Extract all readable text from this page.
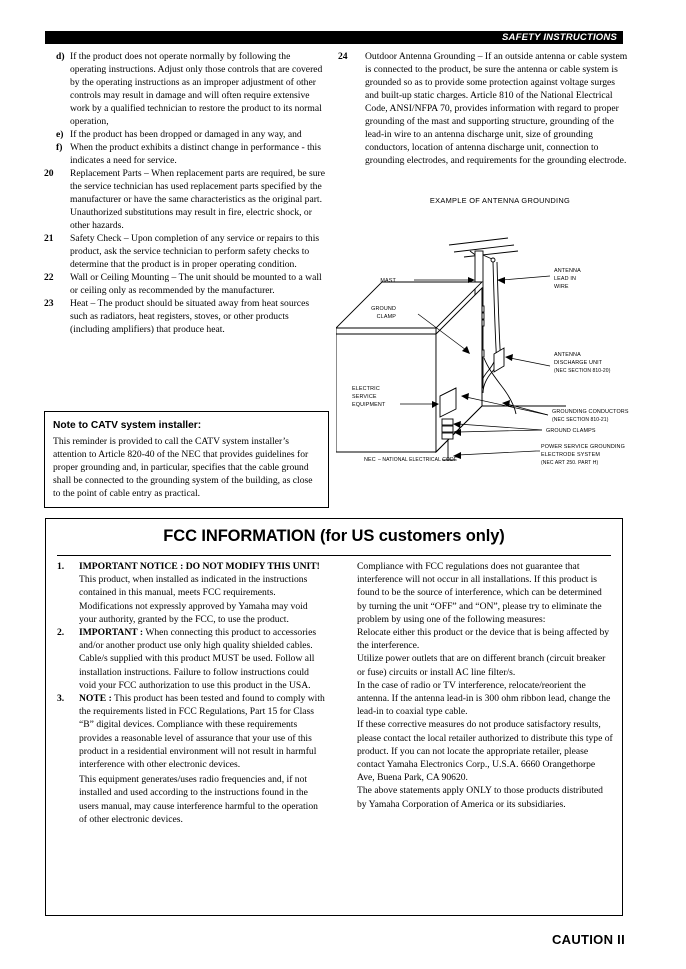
SAFETY INSTRUCTIONS
d) If the product does not operate normally by following the operating instructions. Adjust only those controls that are covered by the operating instructions as an improper adjustment of other controls may result in damage and will often require extensive work by a qualified technician to restore the product to its normal operation,
e) If the product has been dropped or damaged in any way, and
f) When the product exhibits a distinct change in performance - this indicates a need for service.
20	Replacement Parts – When replacement parts are required, be sure the service technician has used replacement parts specified by the manufacturer or have the same characteristics as the original part. Unauthorized substitutions may result in fire, electric shock, or other hazards.
21	Safety Check – Upon completion of any service or repairs to this product, ask the service technician to perform safety checks to determine that the product is in proper operating condition.
22	Wall or Ceiling Mounting – The unit should be mounted to a wall or ceiling only as recommended by the manufacturer.
23	Heat – The product should be situated away from heat sources such as radiators, heat registers, stoves, or other products (including amplifiers) that produce heat.
24	Outdoor Antenna Grounding – If an outside antenna or cable system is connected to the product, be sure the antenna or cable system is grounded so as to provide some protection against voltage surges and built-up static charges. Article 810 of the National Electrical Code, ANSI/NFPA 70, provides information with regard to proper grounding of the mast and supporting structure, grounding of the lead-in wire to an antenna discharge unit, size of grounding conductors, location of antenna discharge unit, connection to grounding electrodes, and requirements for the grounding electrode.
Note to CATV system installer:
This reminder is provided to call the CATV system installer’s attention to Article 820-40 of the NEC that provides guidelines for proper grounding and, in particular, specifies that the cable ground shall be connected to the grounding system of the building, as close to the point of cable entry as practical.
EXAMPLE OF ANTENNA GROUNDING
MAST
ANTENNA
LEAD IN
WIRE
GROUND
CLAMP
ANTENNA
DISCHARGE UNIT
(NEC SECTION 810-20)
ELECTRIC
SERVICE
EQUIPMENT
GROUNDING CONDUCTORS
(NEC SECTION 810-21)
GROUND CLAMPS
POWER SERVICE GROUNDING
ELECTRODE SYSTEM
(NEC ART 250. PART H)
NEC – NATIONAL ELECTRICAL CODE
FCC INFORMATION (for US customers only)
1.	IMPORTANT NOTICE : DO NOT MODIFY THIS UNIT! This product, when installed as indicated in the instructions contained in this manual, meets FCC requirements. Modifications not expressly approved by Yamaha may void your authority, granted by the FCC, to use the product.
2.	IMPORTANT : When connecting this product to accessories and/or another product use only high quality shielded cables. Cable/s supplied with this product MUST be used. Follow all installation instructions. Failure to follow instructions could void your FCC authorization to use this product in the USA.
3.	NOTE : This product has been tested and found to comply with the requirements listed in FCC Regulations, Part 15 for Class “B” digital devices. Compliance with these requirements provides a reasonable level of assurance that your use of this product in a residential environment will not result in harmful interference with other electronic devices.
This equipment generates/uses radio frequencies and, if not installed and used according to the instructions found in the users manual, may cause interference harmful to the operation of other electronic devices.

Compliance with FCC regulations does not guarantee that interference will not occur in all installations. If this product is found to be the source of interference, which can be determined by turning the unit “OFF” and “ON”, please try to eliminate the problem by using one of the following measures:

Relocate either this product or the device that is being affected by the interference.

Utilize power outlets that are on different branch (circuit breaker or fuse) circuits or install AC line filter/s.

In the case of radio or TV interference, relocate/reorient the antenna. If the antenna lead-in is 300 ohm ribbon lead, change the lead-in to coaxial type cable.

If these corrective measures do not produce satisfactory results, please contact the local retailer authorized to distribute this type of product. If you can not locate the appropriate retailer, please contact Yamaha Electronics Corp., U.S.A. 6660 Orangethorpe Ave, Buena Park, CA 90620.

The above statements apply ONLY to those products distributed by Yamaha Corporation of America or its subsidiaries.

CAUTION II
